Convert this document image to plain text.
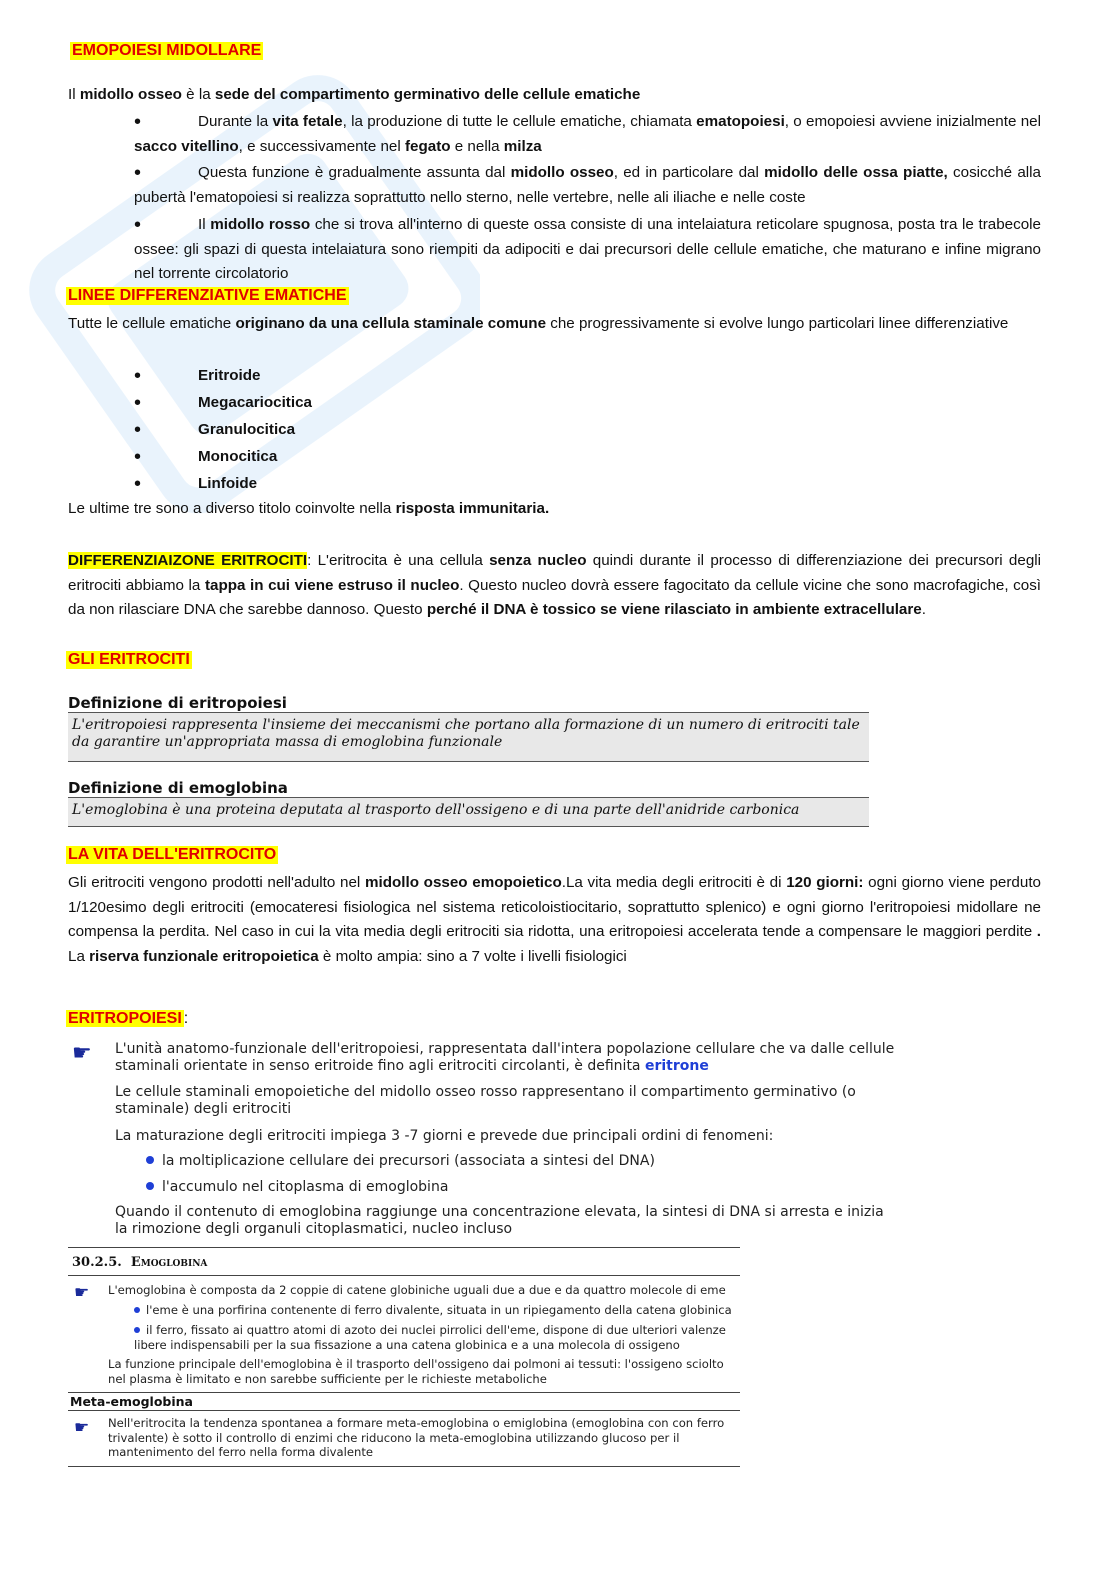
EMOPOIESI MIDOLLARE
Il midollo osseo è la sede del compartimento germinativo delle cellule ematiche
•Durante la vita fetale, la produzione di tutte le cellule ematiche, chiamata ematopoiesi, o emopoiesi avviene inizialmente nel sacco vitellino, e successivamente nel fegato e nella milza
•Questa funzione è gradualmente assunta dal midollo osseo, ed in particolare dal midollo delle ossa piatte, cosicché alla pubertà l'ematopoiesi si realizza soprattutto nello sterno, nelle vertebre, nelle ali iliache e nelle coste
•Il midollo rosso che si trova all'interno di queste ossa consiste di una intelaiatura reticolare spugnosa, posta tra le trabecole ossee: gli spazi di questa intelaiatura sono riempiti da adipociti e dai precursori delle cellule ematiche, che maturano e infine migrano nel torrente circolatorio
LINEE DIFFERENZIATIVE EMATICHE
Tutte le cellule ematiche originano da una cellula staminale comune che progressivamente si evolve lungo particolari linee differenziative
•Eritroide
•Megacariocitica
•Granulocitica
•Monocitica
•Linfoide
Le ultime tre sono a diverso titolo coinvolte nella risposta immunitaria.
DIFFERENZIAIZONE ERITROCITI: L'eritrocita è una cellula senza nucleo quindi durante il processo di differenziazione dei precursori degli eritrociti abbiamo la tappa in cui viene estruso il nucleo. Questo nucleo dovrà essere fagocitato da cellule vicine che sono macrofagiche, così da non rilasciare DNA che sarebbe dannoso. Questo perché il DNA è tossico se viene rilasciato in ambiente extracellulare.
GLI ERITROCITI
Definizione di eritropoiesi
L'eritropoiesi rappresenta l'insieme dei meccanismi che portano alla formazione di un numero di eritrociti tale da garantire un'appropriata massa di emoglobina funzionale
Definizione di emoglobina
L'emoglobina è una proteina deputata al trasporto dell'ossigeno e di una parte dell'anidride carbonica
LA VITA DELL'ERITROCITO
Gli eritrociti vengono prodotti nell'adulto nel midollo osseo emopoietico.La vita media degli eritrociti è di 120 giorni: ogni giorno viene perduto 1/120esimo degli eritrociti (emocateresi fisiologica nel sistema reticoloistiocitario, soprattutto splenico) e ogni giorno l'eritropoiesi midollare ne compensa la perdita. Nel caso in cui la vita media degli eritrociti sia ridotta, una eritropoiesi accelerata tende a compensare le maggiori perdite . La riserva funzionale eritropoietica è molto ampia: sino a 7 volte i livelli fisiologici
ERITROPOIESI :
☛ L'unità anatomo-funzionale dell'eritropoiesi, rappresentata dall'intera popolazione cellulare che va dalle cellule staminali orientate in senso eritroide fino agli eritrociti circolanti, è definita eritrone
Le cellule staminali emopoietiche del midollo osseo rosso rappresentano il compartimento germinativo (o staminale) degli eritrociti
La maturazione degli eritrociti impiega 3 -7 giorni e prevede due principali ordini di fenomeni:
la moltiplicazione cellulare dei precursori (associata a sintesi del DNA)
l'accumulo nel citoplasma di emoglobina
Quando il contenuto di emoglobina raggiunge una concentrazione elevata, la sintesi di DNA si arresta e inizia la rimozione degli organuli citoplasmatici, nucleo incluso
30.2.5. Emoglobina
☛ L'emoglobina è composta da 2 coppie di catene globiniche uguali due a due e da quattro molecole di eme
l'eme è una porfirina contenente di ferro divalente, situata in un ripiegamento della catena globinica
il ferro, fissato ai quattro atomi di azoto dei nuclei pirrolici dell'eme, dispone di due ulteriori valenze libere indispensabili per la sua fissazione a una catena globinica e a una molecola di ossigeno
La funzione principale dell'emoglobina è il trasporto dell'ossigeno dai polmoni ai tessuti: l'ossigeno sciolto nel plasma è limitato e non sarebbe sufficiente per le richieste metaboliche
Meta-emoglobina
☛ Nell'eritrocita la tendenza spontanea a formare meta-emoglobina o emiglobina (emoglobina con con ferro trivalente) è sotto il controllo di enzimi che riducono la meta-emoglobina utilizzando glucoso per il mantenimento del ferro nella forma divalente
